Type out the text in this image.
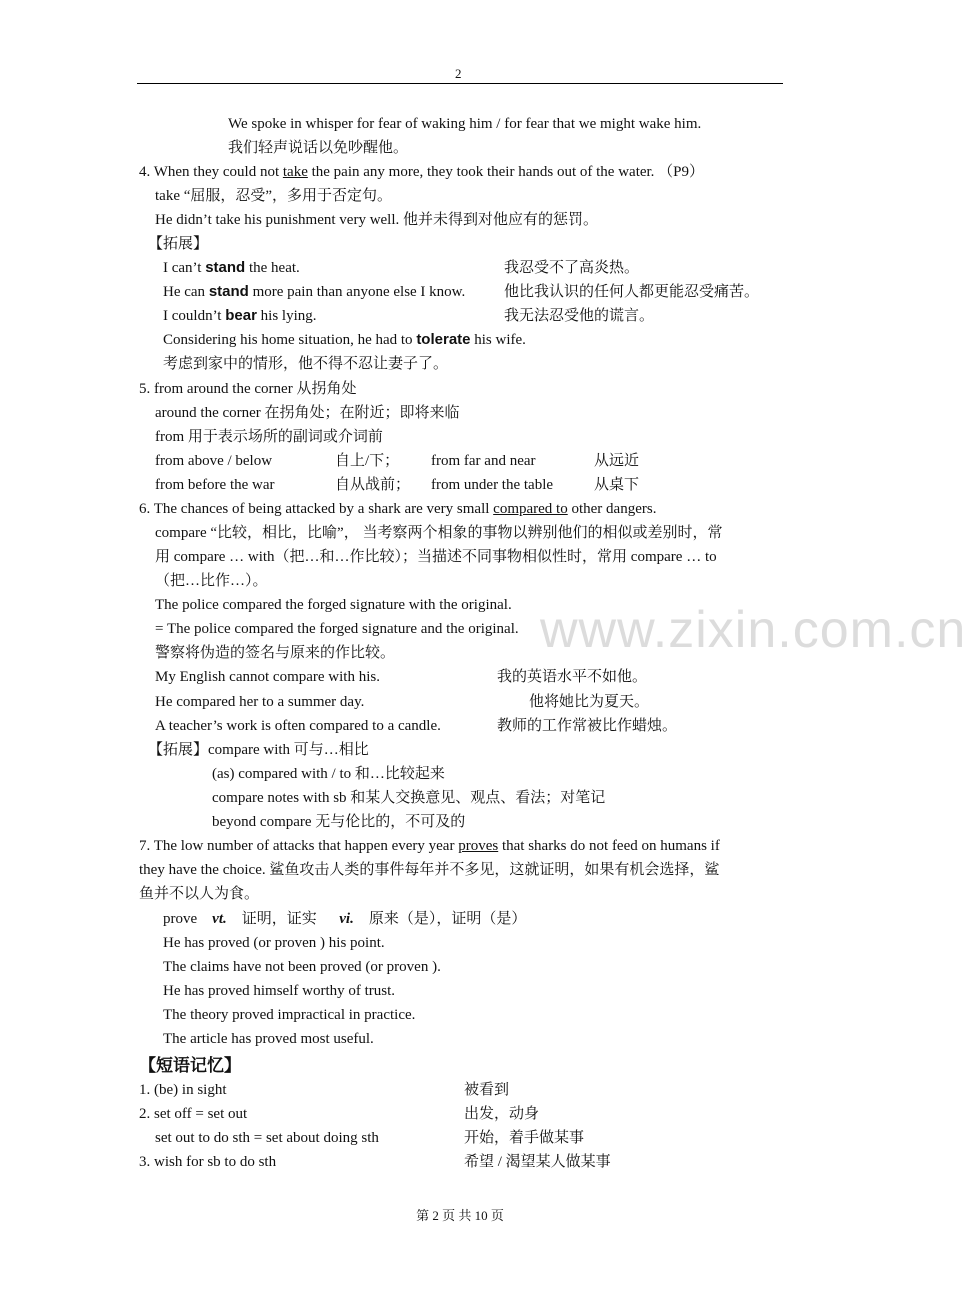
2
www.zixin.com.cn
We spoke in whisper for fear of waking him / for fear that we might wake him.
我们轻声说话以免吵醒他。
4. When they could not take the pain any more, they took their hands out of the water. （P9）
take “屈服，忍受”，多用于否定句。
He didn’t take his punishment very well. 他并未得到对他应有的惩罚。
【拓展】
I can’t stand the heat.	我忍受不了高炎热。
He can stand more pain than anyone else I know.	他比我认识的任何人都更能忍受痛苦。
I couldn’t bear his lying.	我无法忍受他的谎言。
Considering his home situation, he had to tolerate his wife.
考虑到家中的情形，他不得不忍让妻子了。
5. from around the corner 从拐角处
around the corner 在拐角处；在附近；即将来临
from 用于表示场所的副词或介词前
from above / below	自上/下； from far and near	从远近
from before the war	自从战前； from under the table	从桌下
6. The chances of being attacked by a shark are very small compared to other dangers.
compare “比较，相比，比喻”， 当考察两个相象的事物以辨别他们的相似或差别时，常
用 compare … with（把…和…作比较）；当描述不同事物相似性时，常用 compare … to
（把…比作…）。
The police compared the forged signature with the original.
= The police compared the forged signature and the original.
警察将伪造的签名与原来的作比较。
My English cannot compare with his.	我的英语水平不如他。
He compared her to a summer day.	他将她比为夏天。
A teacher’s work is often compared to a candle.	教师的工作常被比作蜡烛。
【拓展】compare with 可与…相比
(as) compared with / to 和…比较起来
compare notes with sb 和某人交换意见、观点、看法；对笔记
beyond compare 无与伦比的，不可及的
7. The low number of attacks that happen every year proves that sharks do not feed on humans if
they have the choice. 鲨鱼攻击人类的事件每年并不多见，这就证明，如果有机会选择，鲨
鱼并不以人为食。
prove vt. 证明，证实 vi. 原来（是），证明（是）
He has proved (or proven ) his point.
The claims have not been proved (or proven ).
He has proved himself worthy of trust.
The theory proved impractical in practice.
The article has proved most useful.
【短语记忆】
1. (be) in sight	被看到
2. set off = set out	出发，动身
set out to do sth = set about doing sth	开始，着手做某事
3. wish for sb to do sth	希望 / 渴望某人做某事
第 2 页 共 10 页
